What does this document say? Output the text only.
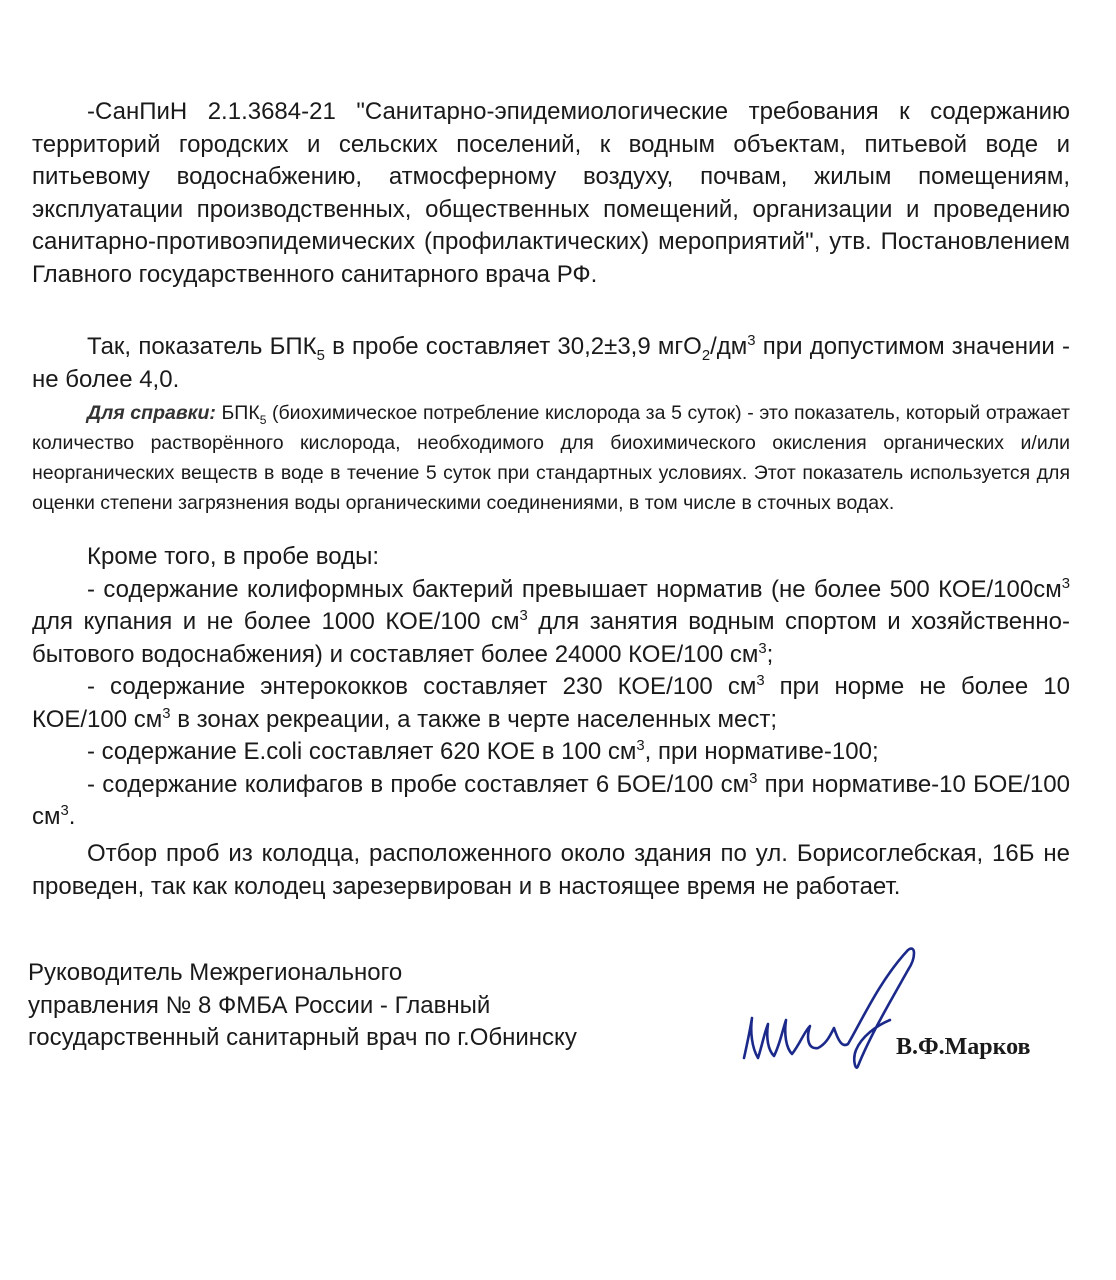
-СанПиН 2.1.3684-21 "Санитарно-эпидемиологические требования к содержанию территорий городских и сельских поселений, к водным объектам, питьевой воде и питьевому водоснабжению, атмосферному воздуху, почвам, жилым помещениям, эксплуатации производственных, общественных помещений, организации и проведению санитарно-противоэпидемических (профилактических) мероприятий", утв. Постановлением Главного государственного санитарного врача РФ.

Так, показатель $БПК_5$ в пробе составляет 30,2±3,9 $мгО_2/дм^3$ при допустимом значении - не более 4,0.

Для справки: $БПК_5$ (биохимическое потребление кислорода за 5 суток) - это показатель, который отражает количество растворённого кислорода, необходимого для биохимического окисления органических и/или неорганических веществ в воде в течение 5 суток при стандартных условиях. Этот показатель используется для оценки степени загрязнения воды органическими соединениями, в том числе в сточных водах.

Кроме того, в пробе воды:

- содержание колиформных бактерий превышает норматив (не более 500 КОЕ/$100см^3$ для купания и не более 1000 КОЕ/100 $см^3$ для занятия водным спортом и хозяйственно-бытового водоснабжения) и составляет более 24000 КОЕ/100 $см^3$;

- содержание энтерококков составляет 230 КОЕ/100 $см^3$ при норме не более 10 КОЕ/100 $см^3$ в зонах рекреации, а также в черте населенных мест;

- содержание E.coli составляет 620 КОЕ в 100 $см^3$, при нормативе-100;

- содержание колифагов в пробе составляет 6 БОЕ/100 $см^3$ при нормативе-10 БОЕ/100 $см^3$.

Отбор проб из колодца, расположенного около здания по ул. Борисоглебская, 16Б не проведен, так как колодец зарезервирован и в настоящее время не работает.

Руководитель Межрегионального
управления № 8 ФМБА России - Главный
государственный санитарный врач по г.Обнинску	В.Ф.Марков
